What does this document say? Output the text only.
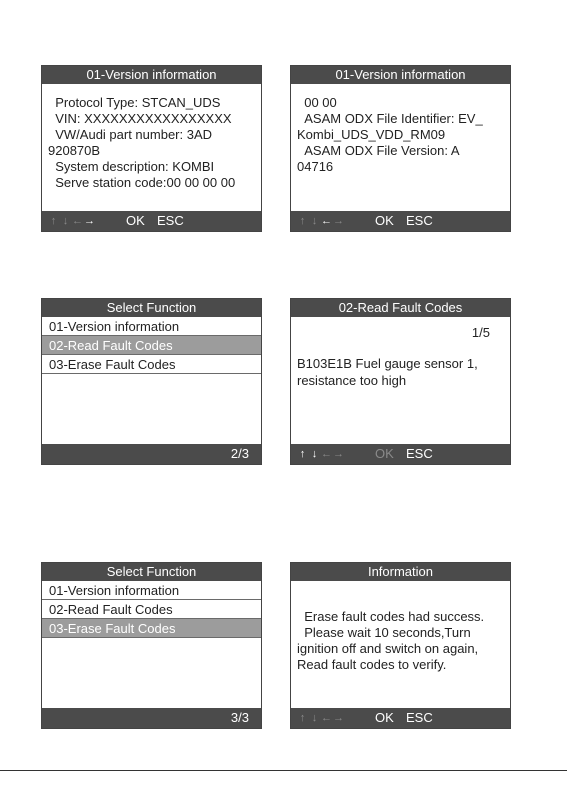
01-Version information
Protocol Type: STCAN_UDS
VIN: XXXXXXXXXXXXXXXXX
VW/Audi part number: 3AD
920870B
System description: KOMBI
Serve station code:00 00 00 00
↑ ↓ ←→ OK ESC
01-Version information
00 00
ASAM ODX File Identifier: EV_
Kombi_UDS_VDD_RM09
ASAM ODX File Version: A
04716
↑ ↓ ←→ OK ESC
Select Function
01-Version information
02-Read Fault Codes
03-Erase Fault Codes
2/3
02-Read Fault Codes
1/5
B103E1B Fuel gauge sensor 1, resistance too high
↑ ↓ ←→ OK ESC
Select Function
01-Version information
02-Read Fault Codes
03-Erase Fault Codes
3/3
Information
Erase fault codes had success.
Please wait 10 seconds,Turn
ignition off and switch on again,
Read fault codes to verify.
↑ ↓ ←→ OK ESC
